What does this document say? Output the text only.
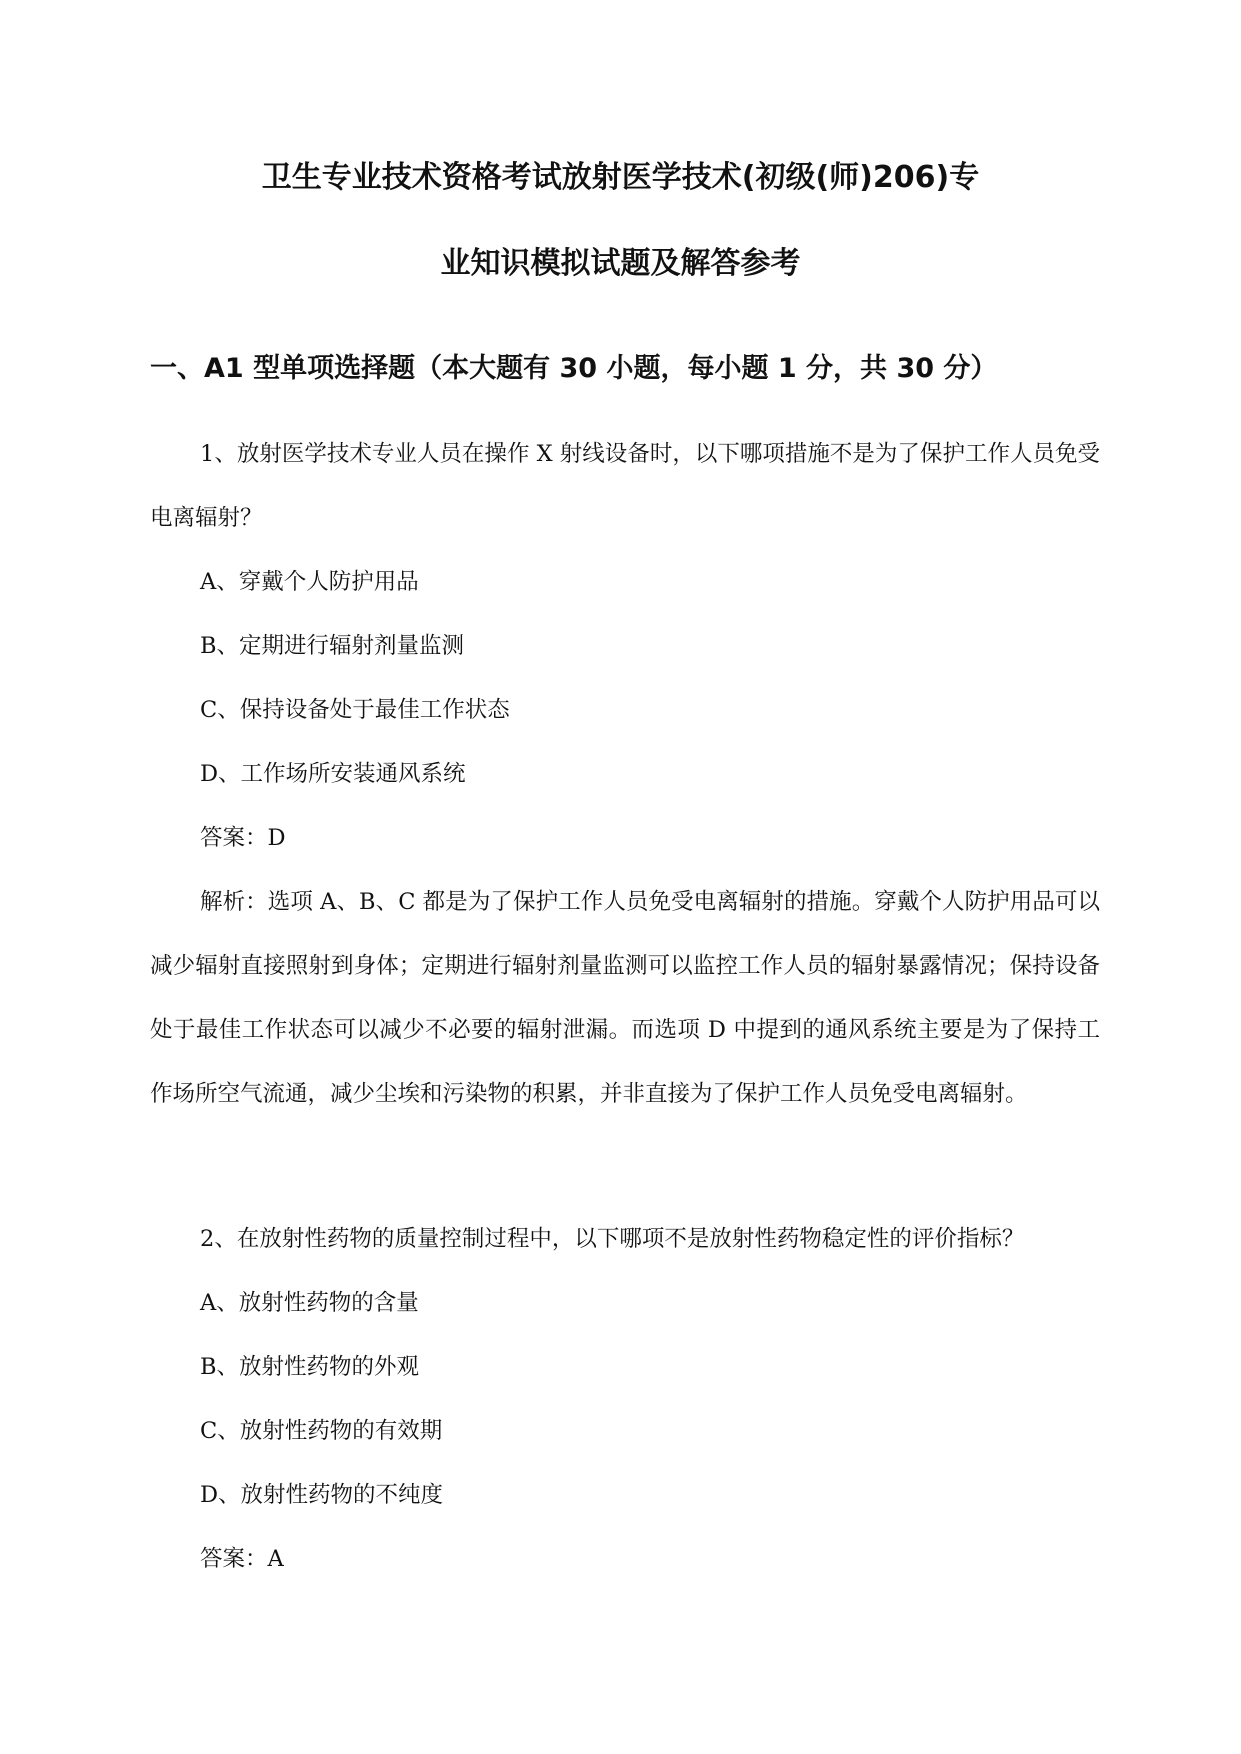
卫生专业技术资格考试放射医学技术(初级(师)206)专
业知识模拟试题及解答参考
一、A1 型单项选择题（本大题有 30 小题，每小题 1 分，共 30 分）

1、放射医学技术专业人员在操作 X 射线设备时，以下哪项措施不是为了保护工作人员免受电离辐射？

A、穿戴个人防护用品

B、定期进行辐射剂量监测

C、保持设备处于最佳工作状态

D、工作场所安装通风系统

答案：D

解析：选项 A、B、C 都是为了保护工作人员免受电离辐射的措施。穿戴个人防护用品可以减少辐射直接照射到身体；定期进行辐射剂量监测可以监控工作人员的辐射暴露情况；保持设备处于最佳工作状态可以减少不必要的辐射泄漏。而选项 D 中提到的通风系统主要是为了保持工作场所空气流通，减少尘埃和污染物的积累，并非直接为了保护工作人员免受电离辐射。

2、在放射性药物的质量控制过程中，以下哪项不是放射性药物稳定性的评价指标？

A、放射性药物的含量

B、放射性药物的外观

C、放射性药物的有效期

D、放射性药物的不纯度

答案：A
